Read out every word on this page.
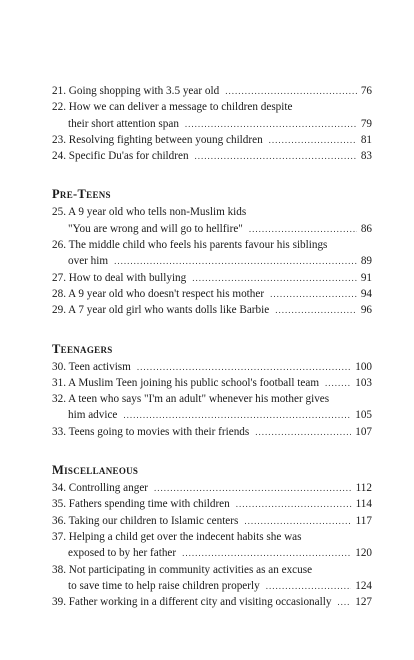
21. Going shopping with 3.5 year old .....	76
22. How we can deliver a message to children despite
their short attention span .....	79
23. Resolving fighting between young children .....	81
24. Specific Du'as for children .....	83
Pre-Teens
25. A 9 year old who tells non-Muslim kids
"You are wrong and will go to hellfire" .....	86
26. The middle child who feels his parents favour his siblings
over him .....	89
27. How to deal with bullying .....	91
28. A 9 year old who doesn't respect his mother .....	94
29. A 7 year old girl who wants dolls like Barbie .....	96
Teenagers
30. Teen activism .....	100
31. A Muslim Teen joining his public school's football team .....	103
32. A teen who says "I'm an adult" whenever his mother gives
him advice .....	105
33. Teens going to movies with their friends .....	107
Miscellaneous
34. Controlling anger .....	112
35. Fathers spending time with children .....	114
36. Taking our children to Islamic centers .....	117
37. Helping a child get over the indecent habits she was
exposed to by her father .....	120
38. Not participating in community activities as an excuse
to save time to help raise children properly .....	124
39. Father working in a different city and visiting occasionally ..... 127
